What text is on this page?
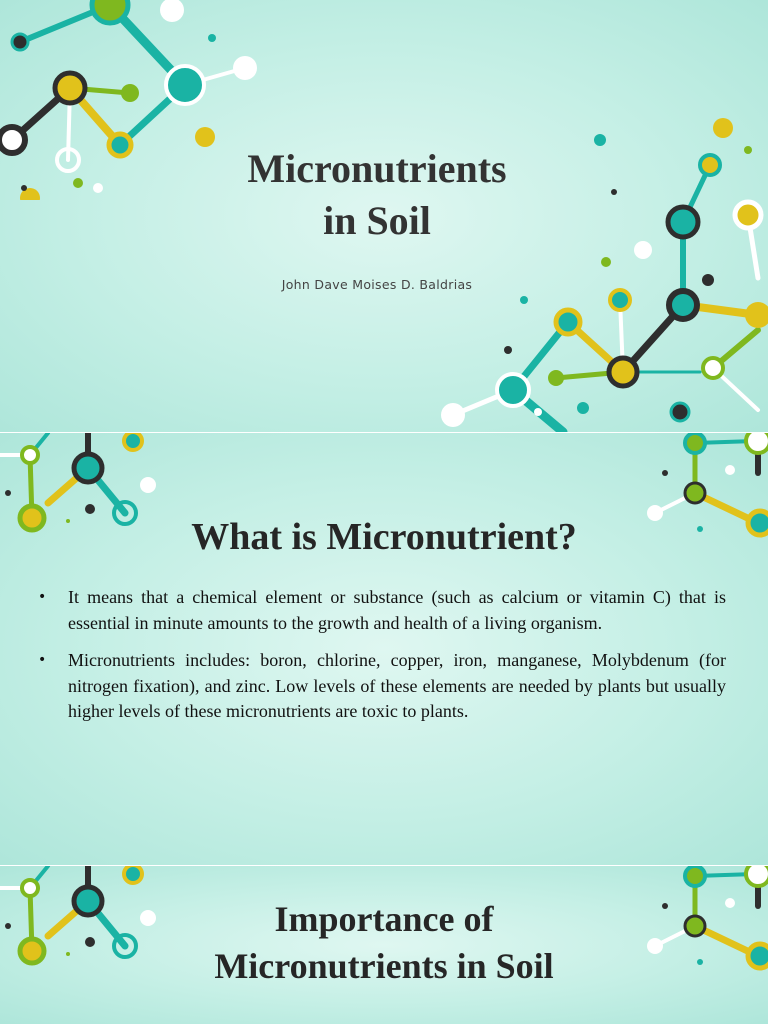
Micronutrients
in Soil
John Dave Moises D. Baldrias
What is Micronutrient?
• It means that a chemical element or substance (such as calcium or vitamin C) that is essential in minute amounts to the growth and health of a living organism.
• Micronutrients includes: boron, chlorine, copper, iron, manganese, Molybdenum (for nitrogen fixation), and zinc. Low levels of these elements are needed by plants but usually higher levels of these micronutrients are toxic to plants.
Importance of
Micronutrients in Soil
